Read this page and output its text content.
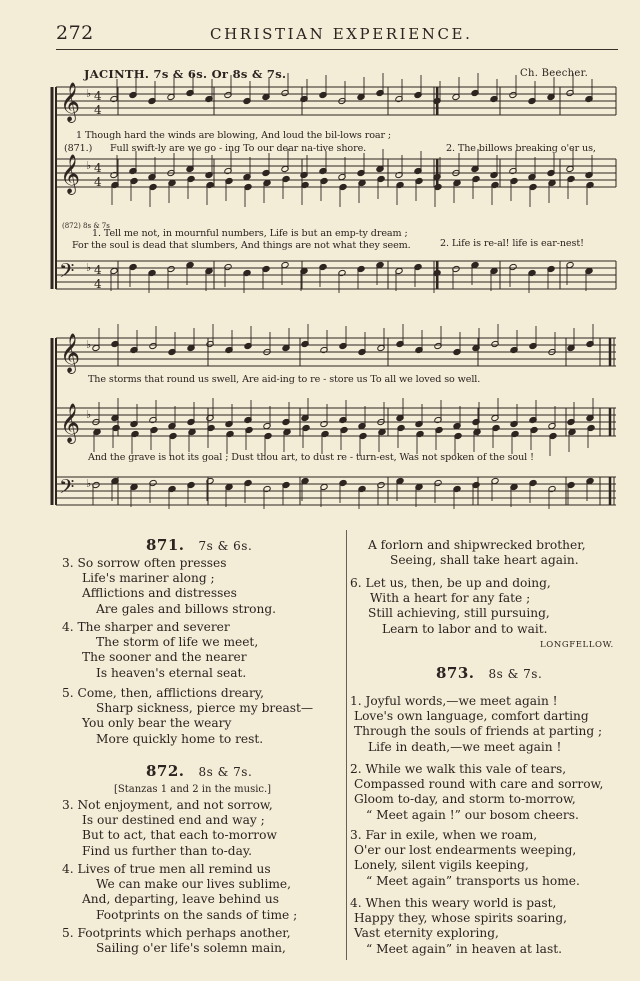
272	CHRISTIAN EXPERIENCE.
JACINTH. 7s & 6s. Or 8s & 7s.	Ch. Beecher.
𝄞 ♭ 4
4
𝄞 ♭ 4
4
𝄢 ♭ 4
4
𝄞 ♭
𝄞 ♭
𝄢 ♭
1 Though hard the winds are blowing, And loud the bil-lows roar ;
2. The billows breaking o'er us,
(871.) Full swift-ly are we go - ing To our dear na-tive shore.
(872) 8s & 7s
1. Tell me not, in mournful numbers, Life is but an emp-ty dream ;
2. Life is re-al! life is ear-nest!
For the soul is dead that slumbers, And things are not what they seem.
The storms that round us swell, Are aid-ing to re - store us To all we loved so well.
And the grave is not its goal ; Dust thou art, to dust re - turn-est, Was not spoken of the soul !
871. 7s & 6s.
3. So sorrow often presses
Life's mariner along ;
Afflictions and distresses
Are gales and billows strong.
4. The sharper and severer
The storm of life we meet,
The sooner and the nearer
Is heaven's eternal seat.
5. Come, then, afflictions dreary,
Sharp sickness, pierce my breast—
You only bear the weary
More quickly home to rest.
872. 8s & 7s.
[Stanzas 1 and 2 in the music.]
3. Not enjoyment, and not sorrow,
Is our destined end and way ;
But to act, that each to-morrow
Find us further than to-day.
4. Lives of true men all remind us
We can make our lives sublime,
And, departing, leave behind us
Footprints on the sands of time ;
5. Footprints which perhaps another,
Sailing o'er life's solemn main,
A forlorn and shipwrecked brother,
Seeing, shall take heart again.
6. Let us, then, be up and doing,
With a heart for any fate ;
Still achieving, still pursuing,
Learn to labor and to wait.
LONGFELLOW.
873. 8s & 7s.
1. Joyful words,—we meet again !
Love's own language, comfort darting
Through the souls of friends at parting ;
Life in death,—we meet again !
2. While we walk this vale of tears,
Compassed round with care and sorrow,
Gloom to-day, and storm to-morrow,
“ Meet again !” our bosom cheers.
3. Far in exile, when we roam,
O'er our lost endearments weeping,
Lonely, silent vigils keeping,
“ Meet again” transports us home.
4. When this weary world is past,
Happy they, whose spirits soaring,
Vast eternity exploring,
“ Meet again” in heaven at last.
